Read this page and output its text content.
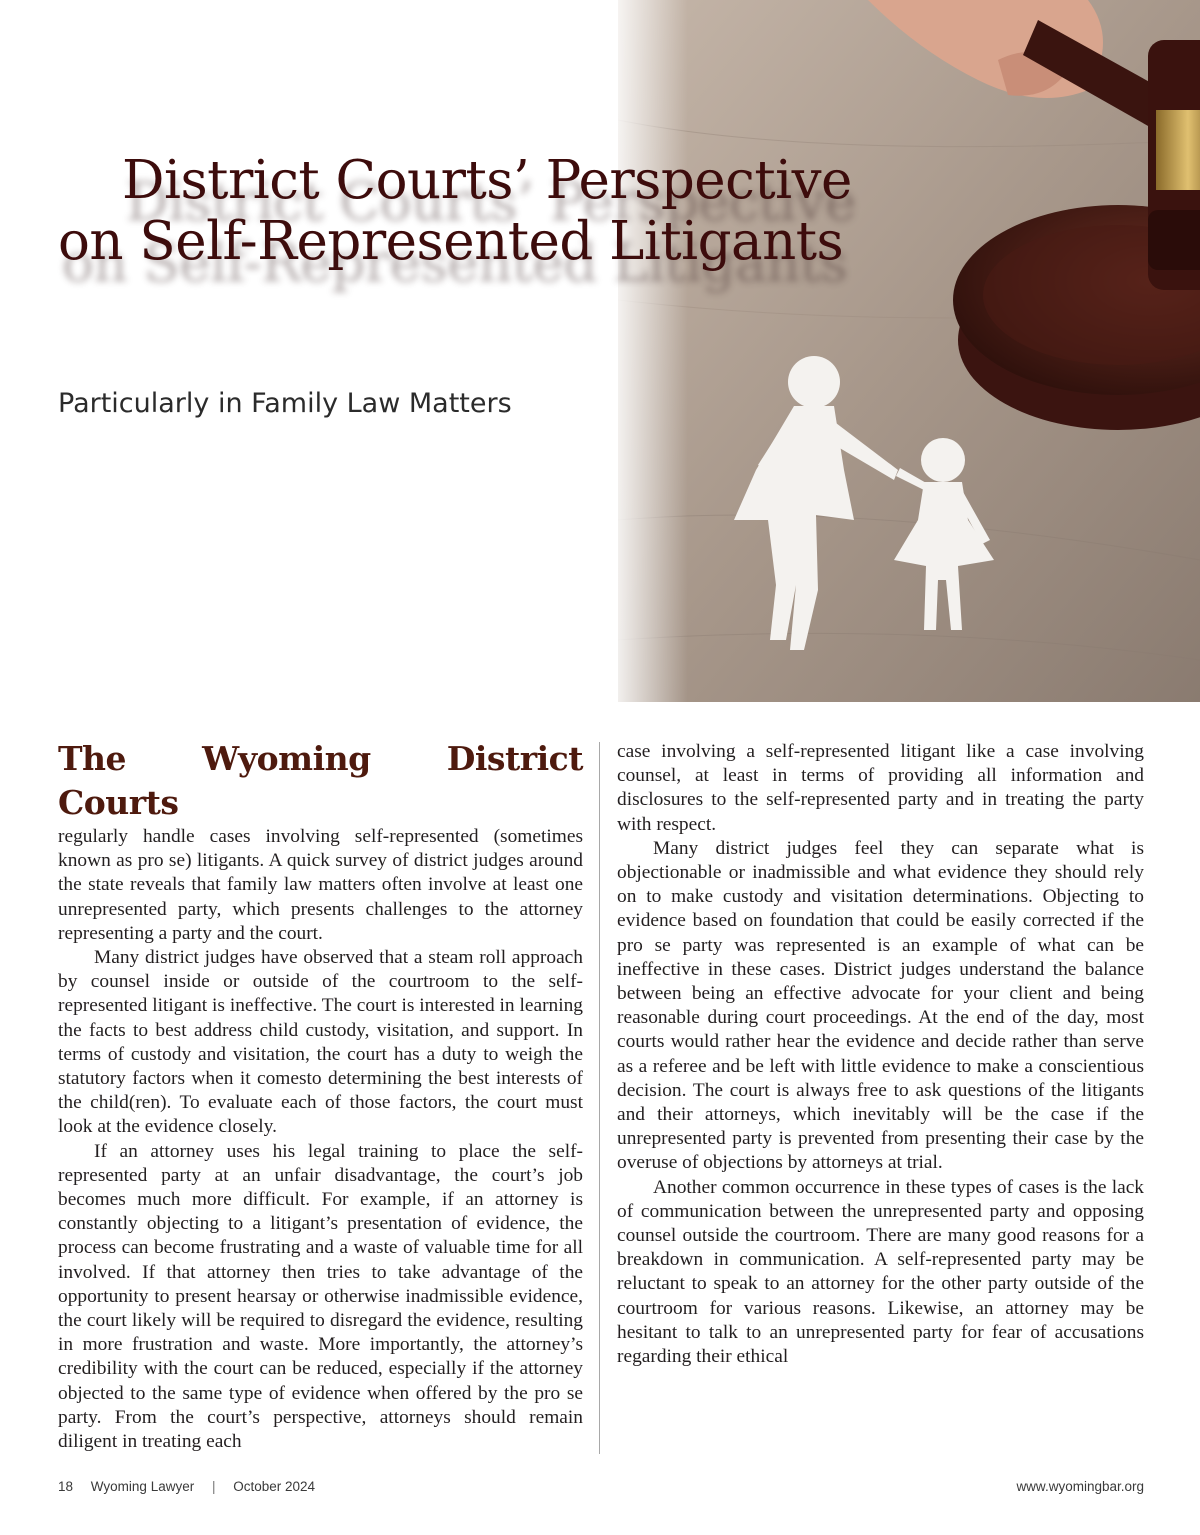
District Courts’ Perspective
on Self-Represented Litigants
Particularly in Family Law Matters
The Wyoming District Courts

regularly handle cases involving self-represented (sometimes known as pro se) litigants. A quick survey of district judges around the state reveals that family law matters often involve at least one unrepresented party, which presents challenges to the attorney representing a party and the court.

Many district judges have observed that a steam roll approach by counsel inside or outside of the courtroom to the self-represented litigant is ineffective. The court is interested in learning the facts to best address child custody, visitation, and support. In terms of custody and visitation, the court has a duty to weigh the statutory factors when it comesto determining the best interests of the child(ren). To evaluate each of those factors, the court must look at the evidence closely.

If an attorney uses his legal training to place the self-represented party at an unfair disadvantage, the court’s job becomes much more difficult. For example, if an attorney is constantly objecting to a litigant’s presentation of evidence, the process can become frustrating and a waste of valuable time for all involved. If that attorney then tries to take advantage of the opportunity to present hearsay or otherwise inadmissible evidence, the court likely will be required to disregard the evidence, resulting in more frustration and waste. More importantly, the attorney’s credibility with the court can be reduced, especially if the attorney objected to the same type of evidence when offered by the pro se party. From the court’s perspective, attorneys should remain diligent in treating each

case involving a self-represented litigant like a case involving counsel, at least in terms of providing all information and disclosures to the self-represented party and in treating the party with respect.

Many district judges feel they can separate what is objectionable or inadmissible and what evidence they should rely on to make custody and visitation determinations. Objecting to evidence based on foundation that could be easily corrected if the pro se party was represented is an example of what can be ineffective in these cases. District judges understand the balance between being an effective advocate for your client and being reasonable during court proceedings. At the end of the day, most courts would rather hear the evidence and decide rather than serve as a referee and be left with little evidence to make a conscientious decision. The court is always free to ask questions of the litigants and their attorneys, which inevitably will be the case if the unrepresented party is prevented from presenting their case by the overuse of objections by attorneys at trial.

Another common occurrence in these types of cases is the lack of communication between the unrepresented party and opposing counsel outside the courtroom. There are many good reasons for a breakdown in communication. A self-represented party may be reluctant to speak to an attorney for the other party outside of the courtroom for various reasons. Likewise, an attorney may be hesitant to talk to an unrepresented party for fear of accusations regarding their ethical

18 Wyoming Lawyer | October 2024	www.wyomingbar.org
